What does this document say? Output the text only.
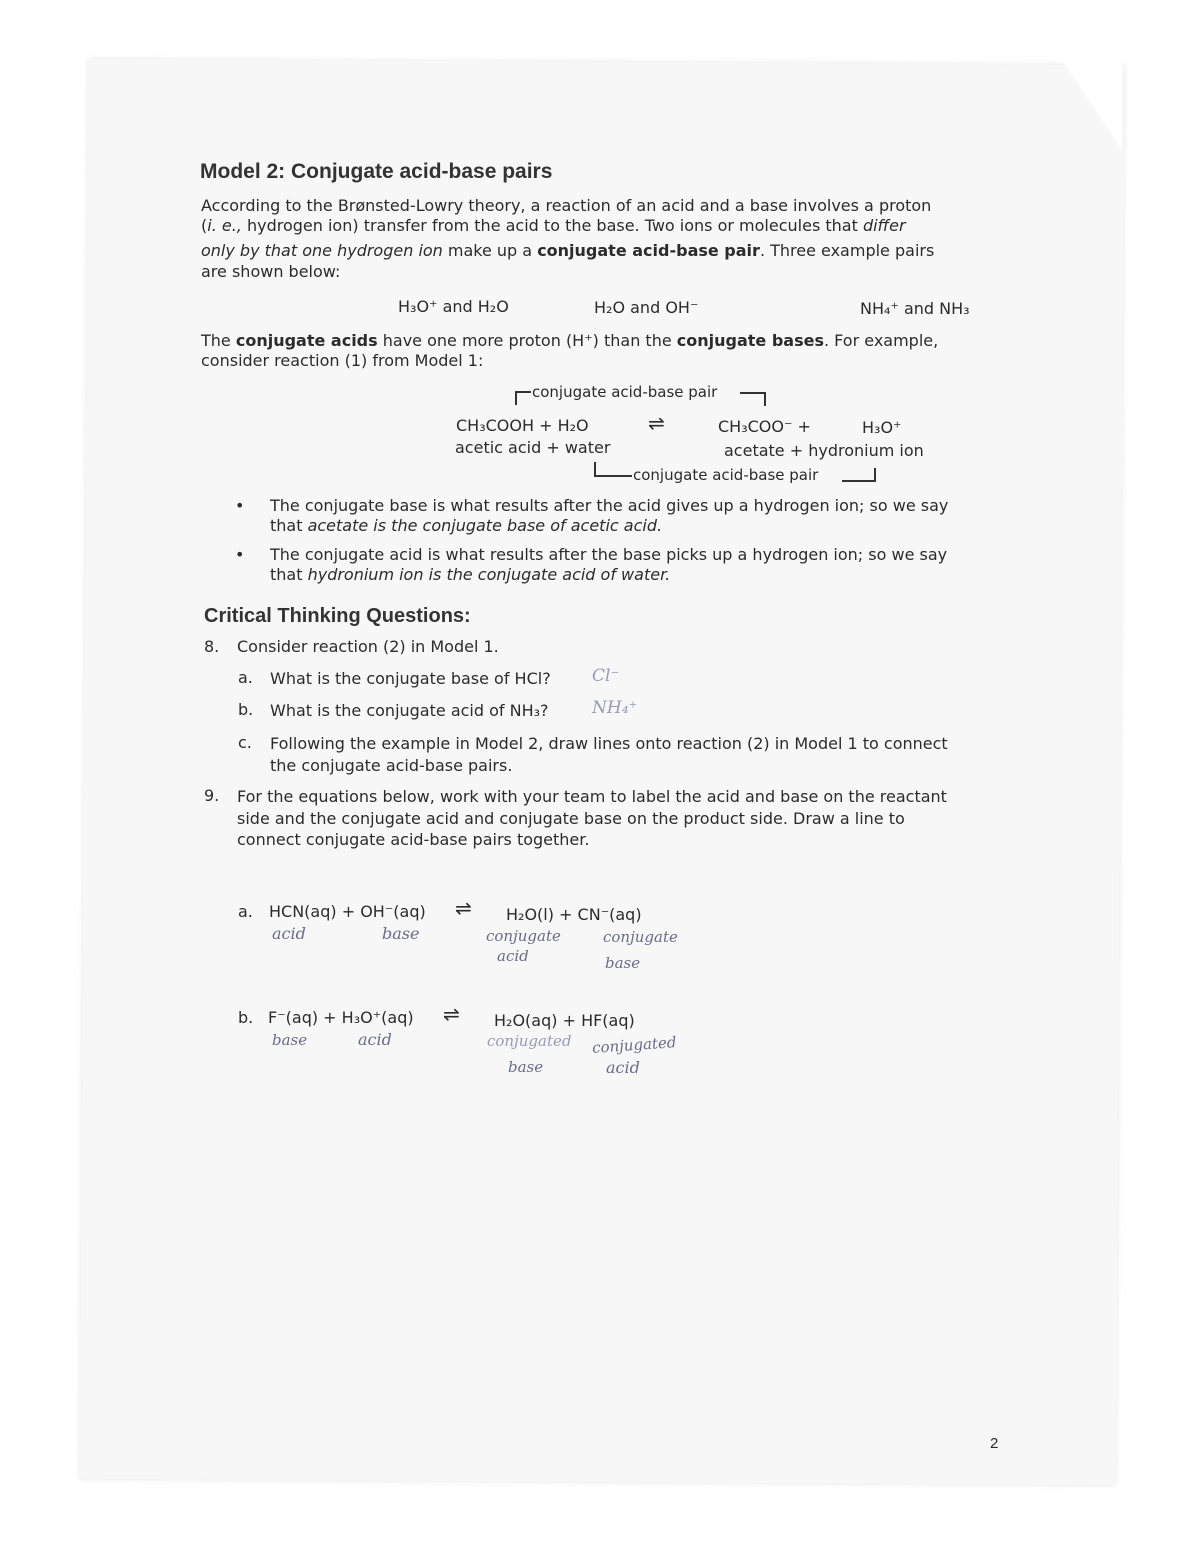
Model 2: Conjugate acid-base pairs
According to the Brønsted-Lowry theory, a reaction of an acid and a base involves a proton
(i. e., hydrogen ion) transfer from the acid to the base. Two ions or molecules that differ
only by that one hydrogen ion make up a conjugate acid-base pair. Three example pairs
are shown below:
H₃O⁺ and H₂O	H₂O and OH⁻	NH₄⁺ and NH₃
The conjugate acids have one more proton (H⁺) than the conjugate bases. For example,
consider reaction (1) from Model 1:
conjugate acid-base pair
CH₃COOH + H₂O	⇌	CH₃COO⁻ +	H₃O⁺
acetic acid + water	acetate + hydronium ion
conjugate acid-base pair
• The conjugate base is what results after the acid gives up a hydrogen ion; so we say
that acetate is the conjugate base of acetic acid.
• The conjugate acid is what results after the base picks up a hydrogen ion; so we say
that hydronium ion is the conjugate acid of water.
Critical Thinking Questions:
8. Consider reaction (2) in Model 1.
a. What is the conjugate base of HCl? Cl⁻
b. What is the conjugate acid of NH₃?	NH₄⁺
c. Following the example in Model 2, draw lines onto reaction (2) in Model 1 to connect
the conjugate acid-base pairs.
9. For the equations below, work with your team to label the acid and base on the reactant
side and the conjugate acid and conjugate base on the product side. Draw a line to
connect conjugate acid-base pairs together.
a. HCN(aq) + OH⁻(aq) ⇌ H₂O(l) + CN⁻(aq)
acid	base	conjugate
acid
conjugate
base
b. F⁻(aq) + H₃O⁺(aq) ⇌ H₂O(aq) + HF(aq)
base	acid	conjugated
base
conjugated
acid
2
